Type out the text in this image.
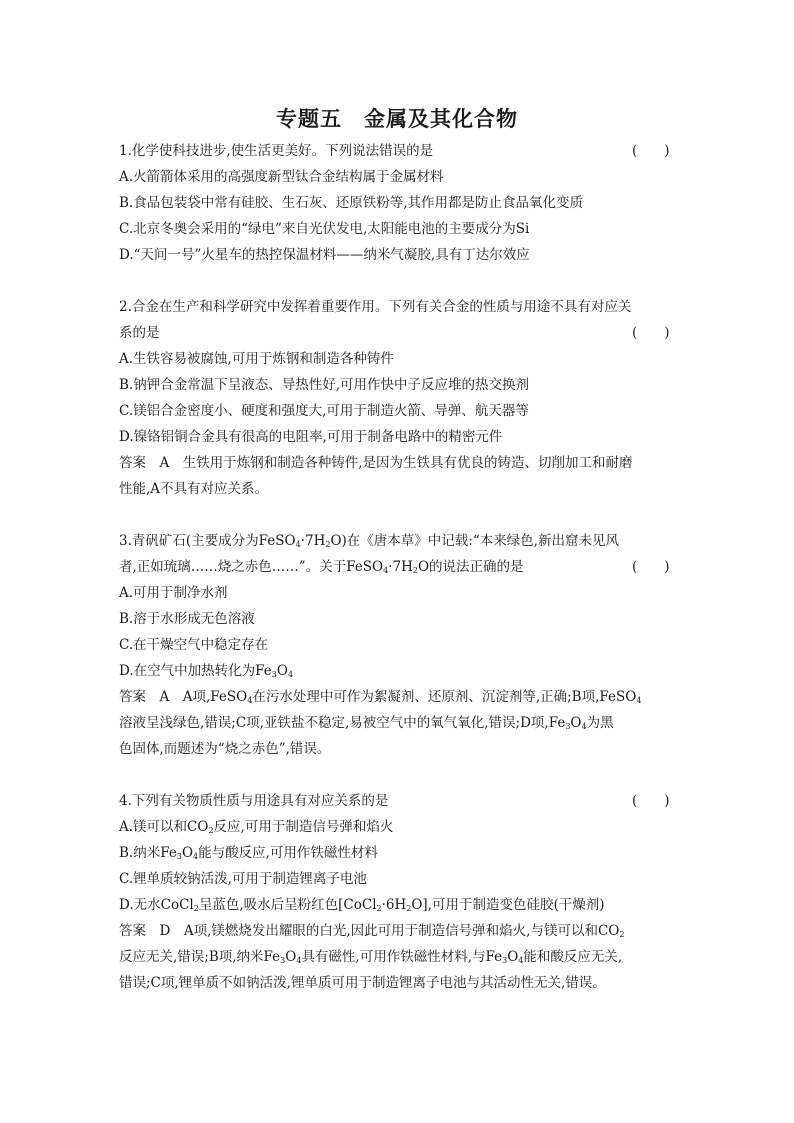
专题五　金属及其化合物
1.化学使科技进步,使生活更美好。下列说法错误的是	(　　)
A.火箭箭体采用的高强度新型钛合金结构属于金属材料
B.食品包装袋中常有硅胶、生石灰、还原铁粉等,其作用都是防止食品氧化变质
C.北京冬奥会采用的“绿电”来自光伏发电,太阳能电池的主要成分为Si
D.“天问一号”火星车的热控保温材料——纳米气凝胶,具有丁达尔效应
2.合金在生产和科学研究中发挥着重要作用。下列有关合金的性质与用途不具有对应关
系的是	(　　)
A.生铁容易被腐蚀,可用于炼钢和制造各种铸件
B.钠钾合金常温下呈液态、导热性好,可用作快中子反应堆的热交换剂
C.镁铝合金密度小、硬度和强度大,可用于制造火箭、导弹、航天器等
D.镍铬铝铜合金具有很高的电阻率,可用于制备电路中的精密元件
答案　A　生铁用于炼钢和制造各种铸件,是因为生铁具有优良的铸造、切削加工和耐磨
性能,A不具有对应关系。
3.青矾矿石(主要成分为$FeSO_4\cdot 7H_2O$)在《唐本草》中记载:“本来绿色,新出窟未见风
者,正如琉璃……烧之赤色……”。关于$FeSO_4\cdot 7H_2O$的说法正确的是	(　　)
A.可用于制净水剂
B.溶于水形成无色溶液
C.在干燥空气中稳定存在
D.在空气中加热转化为$Fe_3O_4$
答案　A　A项,FeSO$_4$在污水处理中可作为絮凝剂、还原剂、沉淀剂等,正确;B项,FeSO$_4$
溶液呈浅绿色,错误;C项,亚铁盐不稳定,易被空气中的氧气氧化,错误;D项$,Fe_3O_4$为黑
色固体,而题述为“烧之赤色”,错误。
4.下列有关物质性质与用途具有对应关系的是	(　　)
A.镁可以和$CO_2$反应,可用于制造信号弹和焰火
B.纳米$Fe_3O_4$能与酸反应,可用作铁磁性材料
C.锂单质较钠活泼,可用于制造锂离子电池
D.无水CoCl$_2$呈蓝色,吸水后呈粉红色$[CoCl_2\cdot 6H_2O]$,可用于制造变色硅胶(干燥剂)
答案　D　A项,镁燃烧发出耀眼的白光,因此可用于制造信号弹和焰火,与镁可以和$CO_2$
反应无关,错误;B项,纳米$Fe_3O_4$具有磁性,可用作铁磁性材料,与$Fe_3O_4$能和酸反应无关,
错误;C项,锂单质不如钠活泼,锂单质可用于制造锂离子电池与其活动性无关,错误。
